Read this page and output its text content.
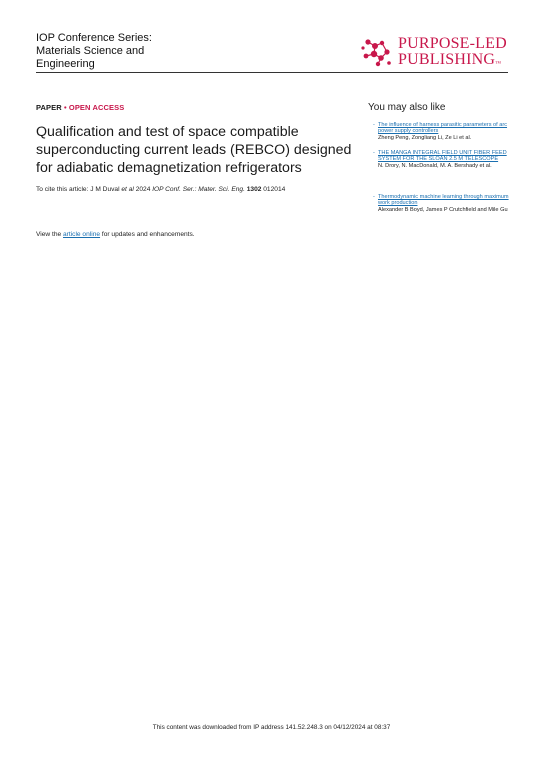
IOP Conference Series:
Materials Science and
Engineering
PURPOSE-LED
PUBLISHING™
PAPER • OPEN ACCESS
Qualification and test of space compatible superconducting current leads (REBCO) designed for adiabatic demagnetization refrigerators
To cite this article: J M Duval et al 2024 IOP Conf. Ser.: Mater. Sci. Eng. 1302 012014
View the article online for updates and enhancements.
You may also like
- The influence of harness parasitic parameters of arc power supply controllers
Zheng Peng, Zongliang Li, Ze Li et al.
- THE MANGA INTEGRAL FIELD UNIT FIBER FEED SYSTEM FOR THE SLOAN 2.5 M TELESCOPE
N. Drory, N. MacDonald, M. A. Bershady et al.
- Thermodynamic machine learning through maximum work production
Alexander B Boyd, James P Crutchfield and Mile Gu
This content was downloaded from IP address 141.52.248.3 on 04/12/2024 at 08:37
